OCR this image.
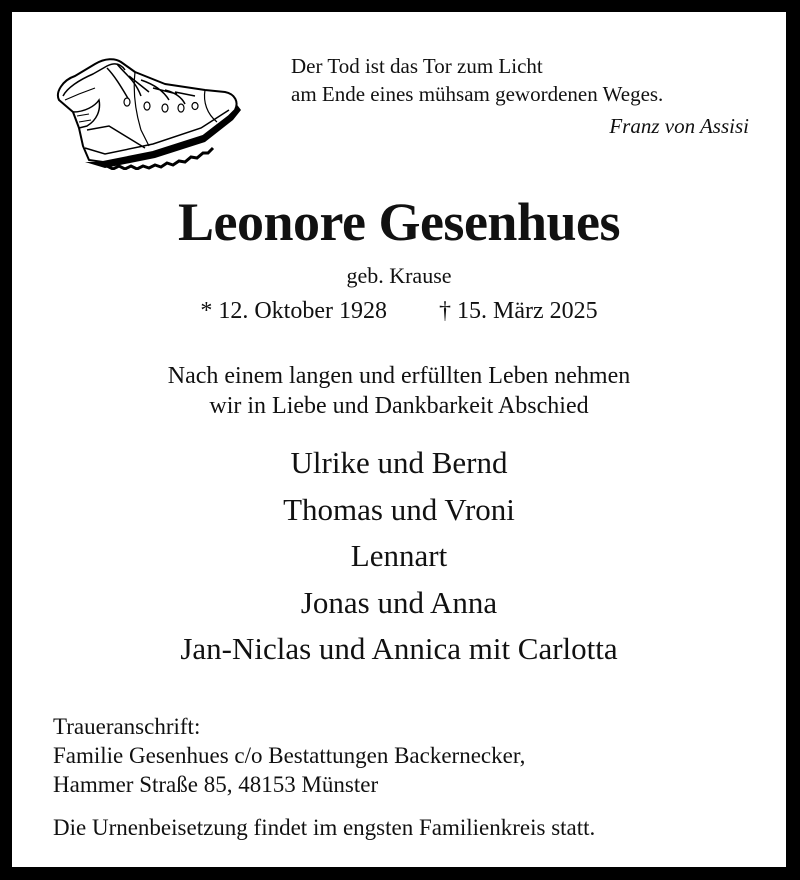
Der Tod ist das Tor zum Licht
am Ende eines mühsam gewordenen Weges.
Franz von Assisi
Leonore Gesenhues
geb. Krause
* 12. Oktober 1928 † 15. März 2025
Nach einem langen und erfüllten Leben nehmen
wir in Liebe und Dankbarkeit Abschied
Ulrike und Bernd
Thomas und Vroni
Lennart
Jonas und Anna
Jan-Niclas und Annica mit Carlotta
Traueranschrift:
Familie Gesenhues c/o Bestattungen Backernecker,
Hammer Straße 85, 48153 Münster
Die Urnenbeisetzung findet im engsten Familienkreis statt.
